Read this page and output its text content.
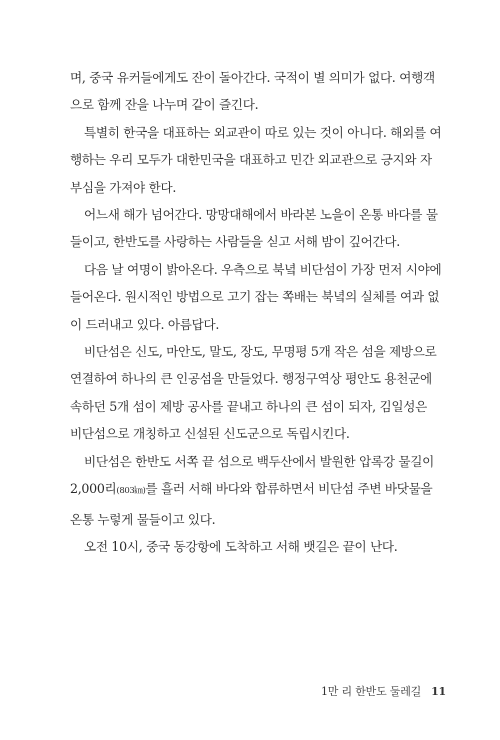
며, 중국 유커들에게도 잔이 돌아간다. 국적이 별 의미가 없다. 여행객으로 함께 잔을 나누며 같이 즐긴다.

특별히 한국을 대표하는 외교관이 따로 있는 것이 아니다. 해외를 여행하는 우리 모두가 대한민국을 대표하고 민간 외교관으로 긍지와 자부심을 가져야 한다.

어느새 해가 넘어간다. 망망대해에서 바라본 노을이 온통 바다를 물들이고, 한반도를 사랑하는 사람들을 싣고 서해 밤이 깊어간다.

다음 날 여명이 밝아온다. 우측으로 북녘 비단섬이 가장 먼저 시야에 들어온다. 원시적인 방법으로 고기 잡는 쪽배는 북녘의 실체를 여과 없이 드러내고 있다. 아름답다.

비단섬은 신도, 마안도, 말도, 장도, 무명평 5개 작은 섬을 제방으로 연결하여 하나의 큰 인공섬을 만들었다. 행정구역상 평안도 용천군에 속하던 5개 섬이 제방 공사를 끝내고 하나의 큰 섬이 되자, 김일성은 비단섬으로 개칭하고 신설된 신도군으로 독립시킨다.

비단섬은 한반도 서쪽 끝 섬으로 백두산에서 발원한 압록강 물길이 2,000리(803㎞)를 흘러 서해 바다와 합류하면서 비단섬 주변 바닷물을 온통 누렇게 물들이고 있다.

오전 10시, 중국 동강항에 도착하고 서해 뱃길은 끝이 난다.

1만 리 한반도 둘레길 11
